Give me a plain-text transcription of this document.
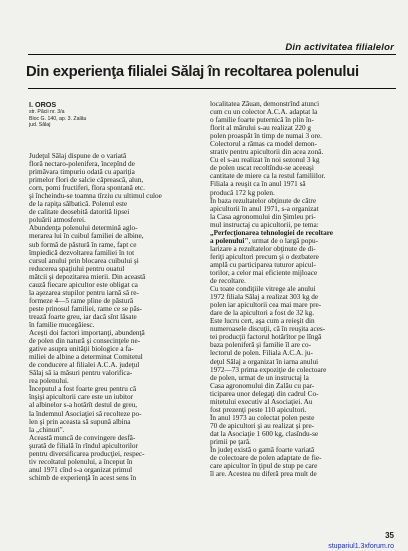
Din activitatea filialelor
Din experienţa filialei Sălaj în recoltarea polenului
I. OROS
str. Păcii nr. 3/a
Bloc G. 140, ap. 3. Zalău
jud. Sălaj
Judeţul Sălaj dispune de o variată
floră nectaro-polenifera, începînd de
primăvara timpuriu odată cu apariţia
primelor flori de salcie căprească, alun,
corn, pomi fructiferi, flora spontană etc.
şi încheindu-se toamna tîrziu cu ultimul culoe
de la rapiţa sălbatică. Polenul este
de calitate deosebită datorită lipsei
poluării atmosferei.
Abundenţa polenului determină aglo-
merarea lui în cuibul familiei de albine,
sub formă de păstură în rame, fapt ce
împiedică dezvoltarea familiei în tot
cursul anului prin blocarea cuibului şi
reducerea spaţiului pentru ouatul
mătcii şi depozitarea mierii. Din această
cauză fiecare apicultor este obligat ca
la aşezarea stupilor pentru iarnă să re-
formeze 4—5 rame pline de păstură
peste prinosul familiei, rame ce se păs-
trează foarte greu, iar dacă sînt lăsate
în familie mucegăiesc.
Acești doi factori importanţi, abundenţă
de polen din natură şi consecinţele ne-
gative asupra unităţii biologice a fa-
miliei de albine a determinat Comitetul
de conducere al filialei A.C.A. judeţul
Sălaj să ia măsuri pentru valorifica-
rea polenului.
Începutul a fost foarte greu pentru că
înşişi apicultorii care este un iubitor
al albinelor s-a hotărît destul de greu,
la îndemnul Asociaţiei să recolteze po-
len şi prin aceasta să supună albina
la „chinuri".
Această muncă de convingere desfă-
şurată de filială în rîndul apicultorilor
pentru diversificarea producţiei, respec-
tiv recoltatul polenului, a început în
anul 1971 cînd s-a organizat primul
schimb de experienţă în acest sens în
localitatea Zăuan, demonstrînd atunci
cum cu un colector A.C.A. adaptat la
o familie foarte puternică în plin în-
florit al mărului s-au realizat 220 g
polen proaspăt în timp de numai 3 ore.
Colectorul a rămas ca model demon-
strativ pentru apicultorii din acea zonă.
Cu el s-au realizat în noi sezonul 3 kg
de polen uscat recoltîndu-se aceeaşi
cantitate de miere ca la restul familiilor.
Filiala a reuşit ca în anul 1971 să
producă 172 kg polen.
În baza rezultatelor obţinute de către
apicultorii în anul 1971, s-a organizat
la Casa agronomului din Şimleu pri-
mul instructaj cu apicultorii, pe tema:
„Perfecţionarea tehnologiei de recoltare
a polenului", urmat de o largă popu-
larizare a rezultatelor obţinute de di-
feriţi apicultori precum şi o dezbatere
amplă cu participarea tuturor apicul-
torilor, a celor mai eficiente mijloace
de recoltare.
Cu toate condiţiile vitrege ale anului
1972 filiala Sălaj a realizat 303 kg de
polen iar apicultorii cea mai mare pre-
dare de la apicultori a fost de 32 kg.
Este lucru cert, aşa cum a reieşit din
numeroasele discuţii, că în reuşita aces-
tei producţii factorul hotărîtor pe lîngă
baza poleniferă şi familie îl are co-
lectorul de polen. Filiala A.C.A. ju-
deţul Sălaj a organizat în iarna anului
1972—73 prima expoziţie de colectoare
de polen, urmat de un instructaj la
Casa agronomului din Zalău cu par-
ticiparea unor delegaţi din cadrul Co-
mitetului executiv al Asociaţiei. Au
fost prezenţi peste 110 apicultori.
În anul 1973 au colectat polen peste
70 de apicultori şi au realizat şi pre-
dat la Asociaţie 1 600 kg, clasîndu-se
primii pe ţară.
În judeţ există o gamă foarte variată
de colectoare de polen adaptate de fie-
care apicultor în ţipul de stup pe care
îl are. Acestea nu diferă prea mult de
35
stupariul1.3xforum.ro
